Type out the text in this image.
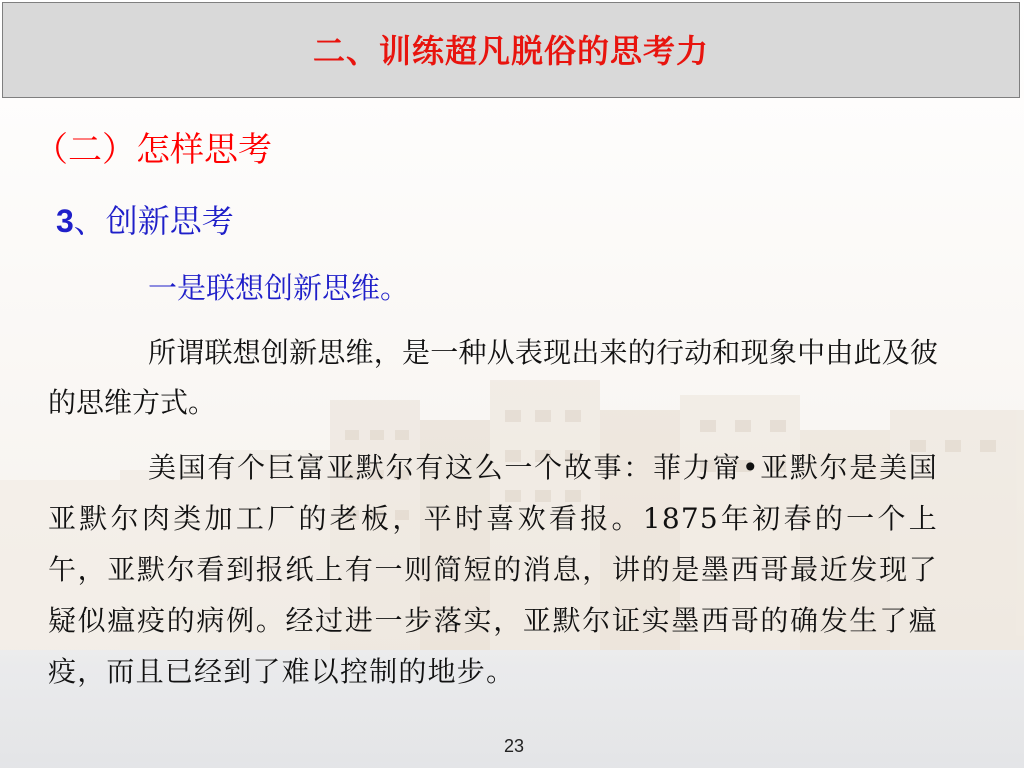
二、训练超凡脱俗的思考力
（二）怎样思考
3、创新思考
一是联想创新思维。
所谓联想创新思维，是一种从表现出来的行动和现象中由此及彼的思维方式。
美国有个巨富亚默尔有这么一个故事：菲力甯•亚默尔是美国亚默尔肉类加工厂的老板，平时喜欢看报。1875年初春的一个上午，亚默尔看到报纸上有一则简短的消息，讲的是墨西哥最近发现了疑似瘟疫的病例。经过进一步落实，亚默尔证实墨西哥的确发生了瘟疫，而且已经到了难以控制的地步。
23
